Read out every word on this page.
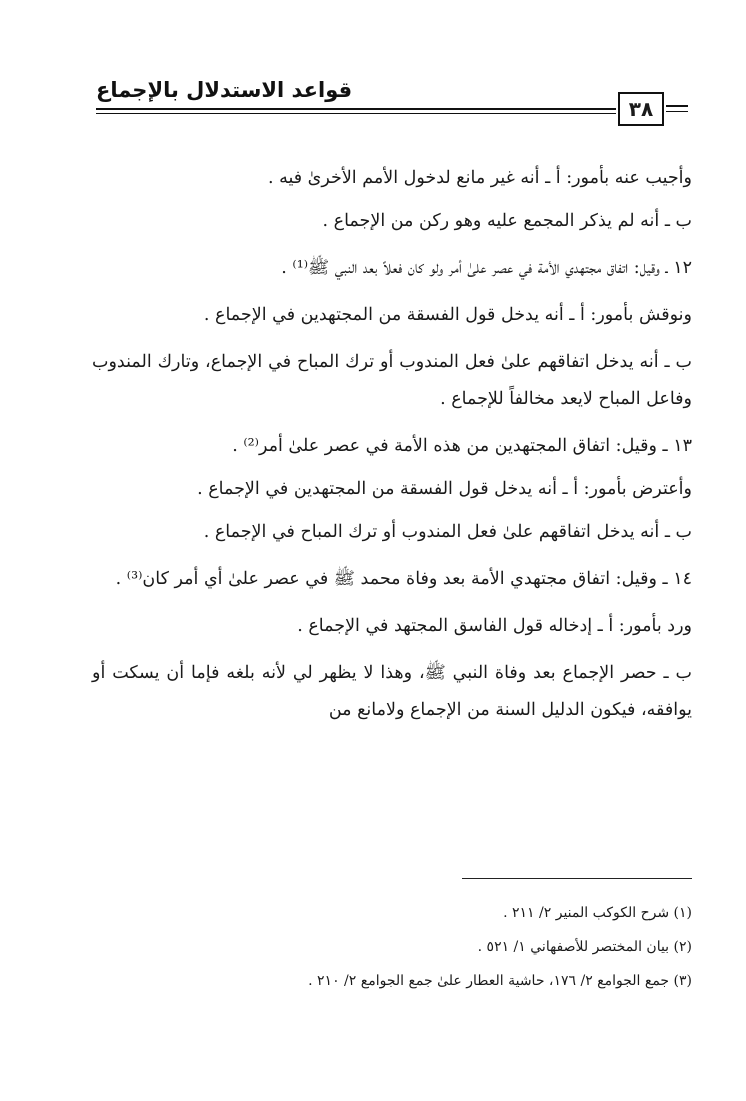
قواعد الاستدلال بالإجماع
٣٨

وأجيب عنه بأمور: أ ـ أنه غير مانع لدخول الأمم الأخرىٰ فيه .

ب ـ أنه لم يذكر المجمع عليه وهو ركن من الإجماع .

١٢ ـ وقيل: اتفاق مجتهدي الأمة في عصر علىٰ أمر ولو كان فعلاً بعد النبي ﷺ⁽¹⁾ .

ونوقش بأمور: أ ـ أنه يدخل قول الفسقة من المجتهدين في الإجماع .

ب ـ أنه يدخل اتفاقهم علىٰ فعل المندوب أو ترك المباح في الإجماع، وتارك المندوب وفاعل المباح لايعد مخالفاً للإجماع .

١٣ ـ وقيل: اتفاق المجتهدين من هذه الأمة في عصر علىٰ أمر⁽²⁾ .

وأعترض بأمور: أ ـ أنه يدخل قول الفسقة من المجتهدين في الإجماع .

ب ـ أنه يدخل اتفاقهم علىٰ فعل المندوب أو ترك المباح في الإجماع .

١٤ ـ وقيل: اتفاق مجتهدي الأمة بعد وفاة محمد ﷺ في عصر علىٰ أي أمر كان⁽³⁾ .

ورد بأمور: أ ـ إدخاله قول الفاسق المجتهد في الإجماع .

ب ـ حصر الإجماع بعد وفاة النبي ﷺ، وهذا لا يظهر لي لأنه بلغه فإما أن يسكت أو يوافقه، فيكون الدليل السنة من الإجماع ولامانع من

(١) شرح الكوكب المنير ٢/ ٢١١ .

(٢) بيان المختصر للأصفهاني ١/ ٥٢١ .

(٣) جمع الجوامع ٢/ ١٧٦، حاشية العطار علىٰ جمع الجوامع ٢/ ٢١٠ .
